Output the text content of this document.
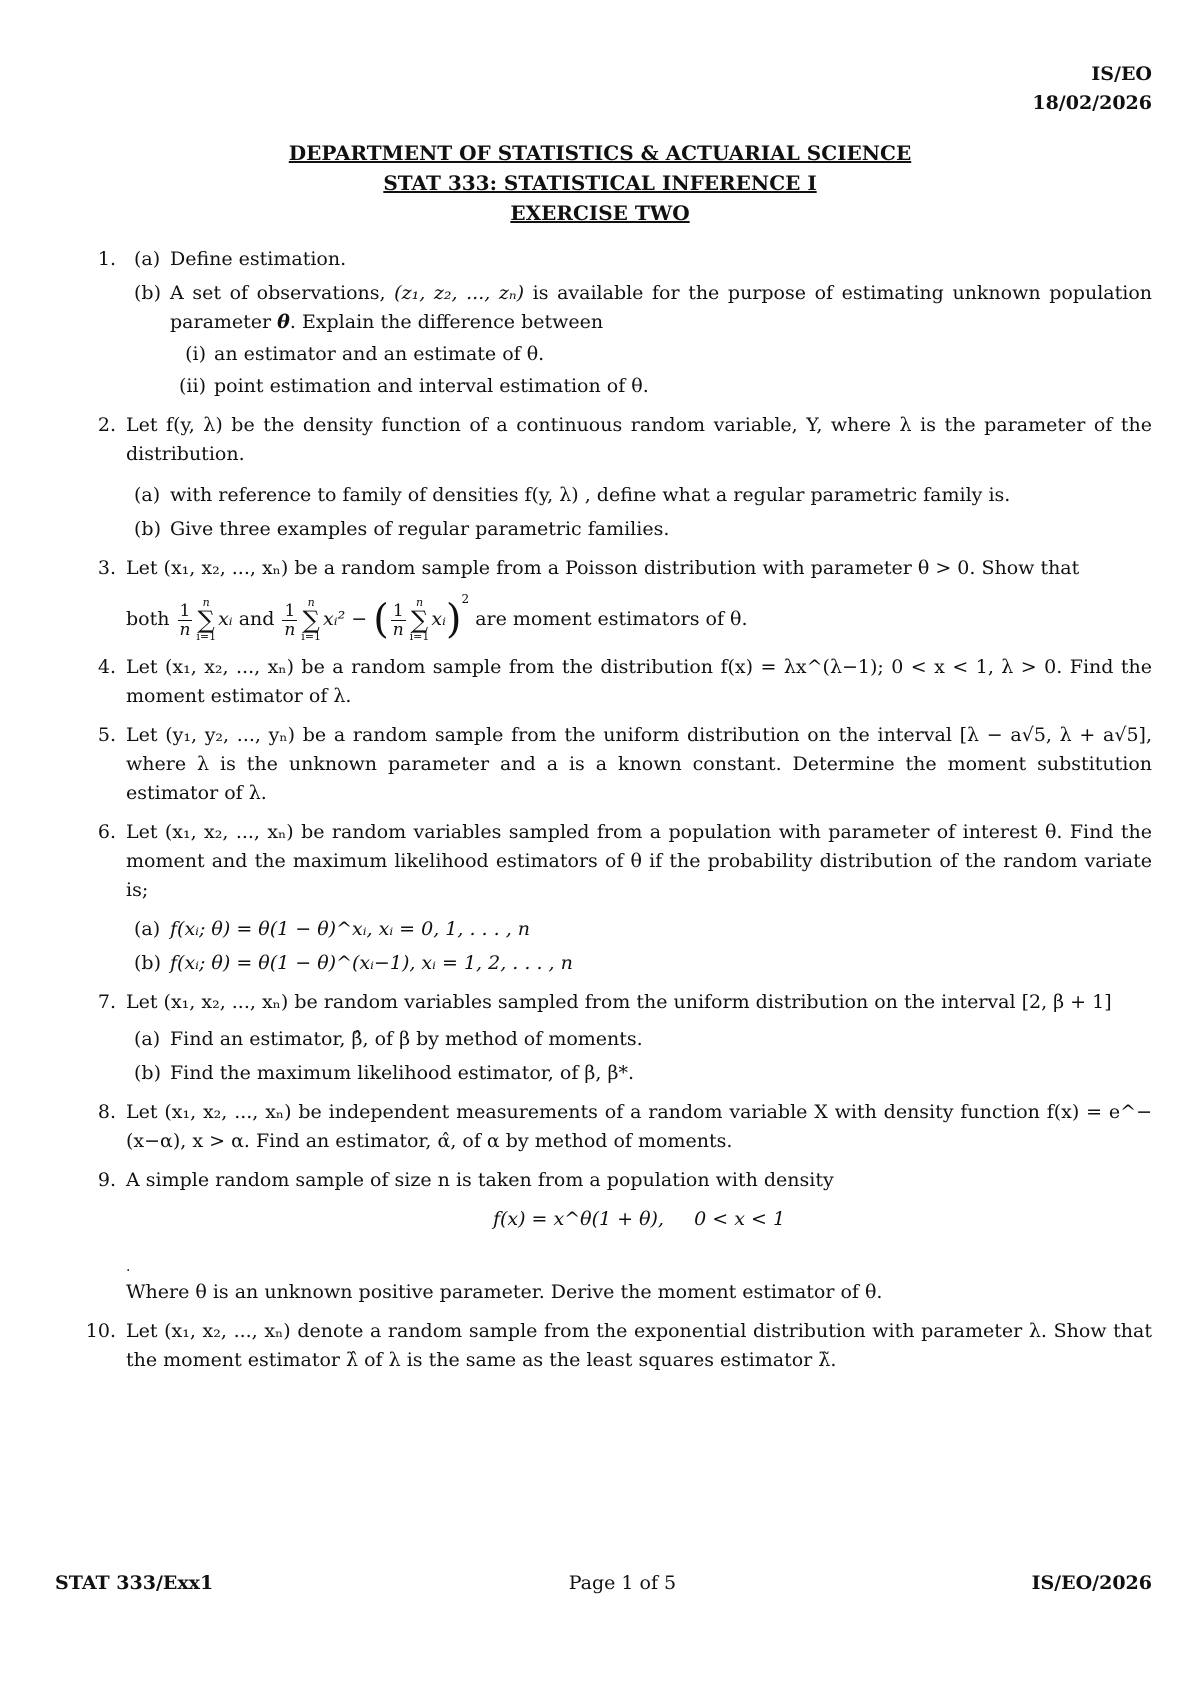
IS/EO
18/02/2026
DEPARTMENT OF STATISTICS & ACTUARIAL SCIENCE
STAT 333: STATISTICAL INFERENCE I
EXERCISE TWO
1. (a) Define estimation.
(b) A set of observations, (z₁, z₂, ..., zₙ) is available for the purpose of estimating unknown population parameter θ. Explain the difference between
(i) an estimator and an estimate of θ.
(ii) point estimation and interval estimation of θ.
2. Let f(y, λ) be the density function of a continuous random variable, Y, where λ is the parameter of the distribution.
(a) with reference to family of densities f(y, λ) , define what a regular parametric family is.
(b) Give three examples of regular parametric families.
3. Let (x₁, x₂, ..., xₙ) be a random sample from a Poisson distribution with parameter θ > 0. Show that
both $\frac{1}{n}$ n
∑
i=1
xᵢ and $\frac{1}{n}$ n
∑
i=1
xᵢ² − ( $\frac{1}{n}$ n
∑
i=1
xᵢ)$^2$ are moment estimators of θ.
4. Let (x₁, x₂, ..., xₙ) be a random sample from the distribution f(x) = λx^(λ−1); 0 < x < 1, λ > 0. Find the moment estimator of λ.
5. Let (y₁, y₂, ..., yₙ) be a random sample from the uniform distribution on the interval [λ − a√5, λ + a√5], where λ is the unknown parameter and a is a known constant. Determine the moment substitution estimator of λ.
6. Let (x₁, x₂, ..., xₙ) be random variables sampled from a population with parameter of interest θ. Find the moment and the maximum likelihood estimators of θ if the probability distribution of the random variate is;
(a) f(xᵢ; θ) = θ(1 − θ)^xᵢ, xᵢ = 0, 1, . . . , n
(b) f(xᵢ; θ) = θ(1 − θ)^(xᵢ−1), xᵢ = 1, 2, . . . , n
7. Let (x₁, x₂, ..., xₙ) be random variables sampled from the uniform distribution on the interval [2, β + 1]
(a) Find an estimator, β̂, of β by method of moments.
(b) Find the maximum likelihood estimator, of β, β*.
8. Let (x₁, x₂, ..., xₙ) be independent measurements of a random variable X with density function f(x) = e^−(x−α), x > α. Find an estimator, α̂, of α by method of moments.
9. A simple random sample of size n is taken from a population with density
f(x) = x^θ(1 + θ),     0 < x < 1
.
Where θ is an unknown positive parameter. Derive the moment estimator of θ.
10. Let (x₁, x₂, ..., xₙ) denote a random sample from the exponential distribution with parameter λ. Show that the moment estimator λ̂ of λ is the same as the least squares estimator λ̃.
STAT 333/Exx1	Page 1 of 5	IS/EO/2026
